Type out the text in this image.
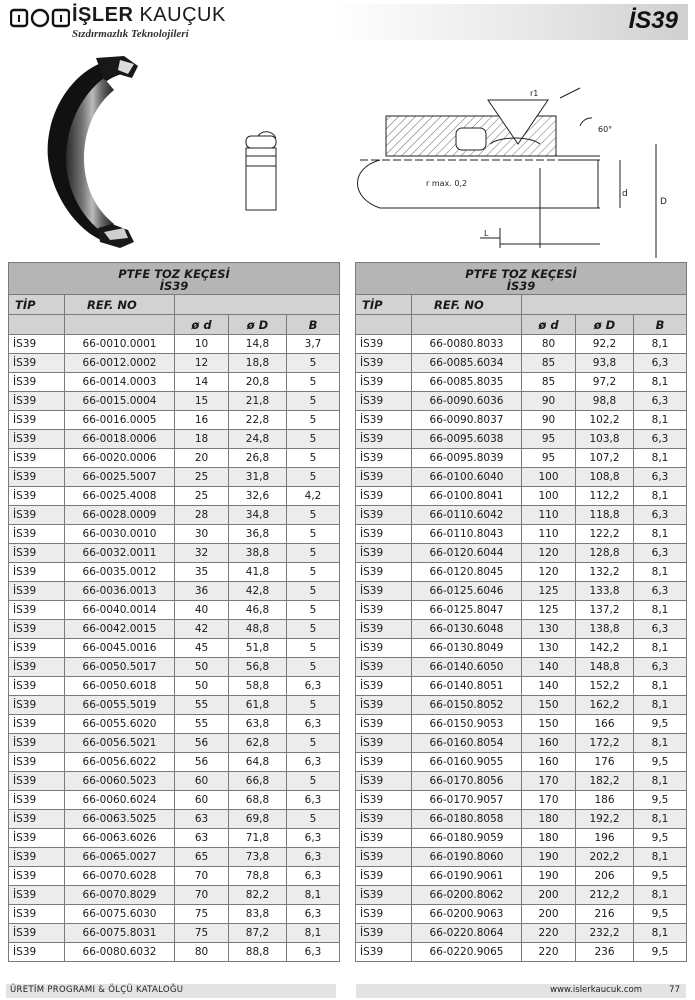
İŞLER KAUÇUK
Sızdırmazlık Teknolojileri	İS39
r1
60°
r max. 0,2
d
D
L
PTFE TOZ KEÇESİ
İS39				

TİP	REF. NO			
		ø d	ø D	B
İS39	66-0010.0001	10	14,8	3,7
İS39	66-0012.0002	12	18,8	5
İS39	66-0014.0003	14	20,8	5
İS39	66-0015.0004	15	21,8	5
İS39	66-0016.0005	16	22,8	5
İS39	66-0018.0006	18	24,8	5
İS39	66-0020.0006	20	26,8	5
İS39	66-0025.5007	25	31,8	5
İS39	66-0025.4008	25	32,6	4,2
İS39	66-0028.0009	28	34,8	5
İS39	66-0030.0010	30	36,8	5
İS39	66-0032.0011	32	38,8	5
İS39	66-0035.0012	35	41,8	5
İS39	66-0036.0013	36	42,8	5
İS39	66-0040.0014	40	46,8	5
İS39	66-0042.0015	42	48,8	5
İS39	66-0045.0016	45	51,8	5
İS39	66-0050.5017	50	56,8	5
İS39	66-0050.6018	50	58,8	6,3
İS39	66-0055.5019	55	61,8	5
İS39	66-0055.6020	55	63,8	6,3
İS39	66-0056.5021	56	62,8	5
İS39	66-0056.6022	56	64,8	6,3
İS39	66-0060.5023	60	66,8	5
İS39	66-0060.6024	60	68,8	6,3
İS39	66-0063.5025	63	69,8	5
İS39	66-0063.6026	63	71,8	6,3
İS39	66-0065.0027	65	73,8	6,3
İS39	66-0070.6028	70	78,8	6,3
İS39	66-0070.8029	70	82,2	8,1
İS39	66-0075.6030	75	83,8	6,3
İS39	66-0075.8031	75	87,2	8,1
İS39	66-0080.6032	80	88,8	6,3
PTFE TOZ KEÇESİ
İS39				

TİP	REF. NO			
		ø d	ø D	B
İS39	66-0080.8033	80	92,2	8,1
İS39	66-0085.6034	85	93,8	6,3
İS39	66-0085.8035	85	97,2	8,1
İS39	66-0090.6036	90	98,8	6,3
İS39	66-0090.8037	90	102,2	8,1
İS39	66-0095.6038	95	103,8	6,3
İS39	66-0095.8039	95	107,2	8,1
İS39	66-0100.6040	100	108,8	6,3
İS39	66-0100.8041	100	112,2	8,1
İS39	66-0110.6042	110	118,8	6,3
İS39	66-0110.8043	110	122,2	8,1
İS39	66-0120.6044	120	128,8	6,3
İS39	66-0120.8045	120	132,2	8,1
İS39	66-0125.6046	125	133,8	6,3
İS39	66-0125.8047	125	137,2	8,1
İS39	66-0130.6048	130	138,8	6,3
İS39	66-0130.8049	130	142,2	8,1
İS39	66-0140.6050	140	148,8	6,3
İS39	66-0140.8051	140	152,2	8,1
İS39	66-0150.8052	150	162,2	8,1
İS39	66-0150.9053	150	166	9,5
İS39	66-0160.8054	160	172,2	8,1
İS39	66-0160.9055	160	176	9,5
İS39	66-0170.8056	170	182,2	8,1
İS39	66-0170.9057	170	186	9,5
İS39	66-0180.8058	180	192,2	8,1
İS39	66-0180.9059	180	196	9,5
İS39	66-0190.8060	190	202,2	8,1
İS39	66-0190.9061	190	206	9,5
İS39	66-0200.8062	200	212,2	8,1
İS39	66-0200.9063	200	216	9,5
İS39	66-0220.8064	220	232,2	8,1
İS39	66-0220.9065	220	236	9,5
ÜRETİM PROGRAMI & ÖLÇÜ KATALOĞU	www.islerkaucuk.com	77
